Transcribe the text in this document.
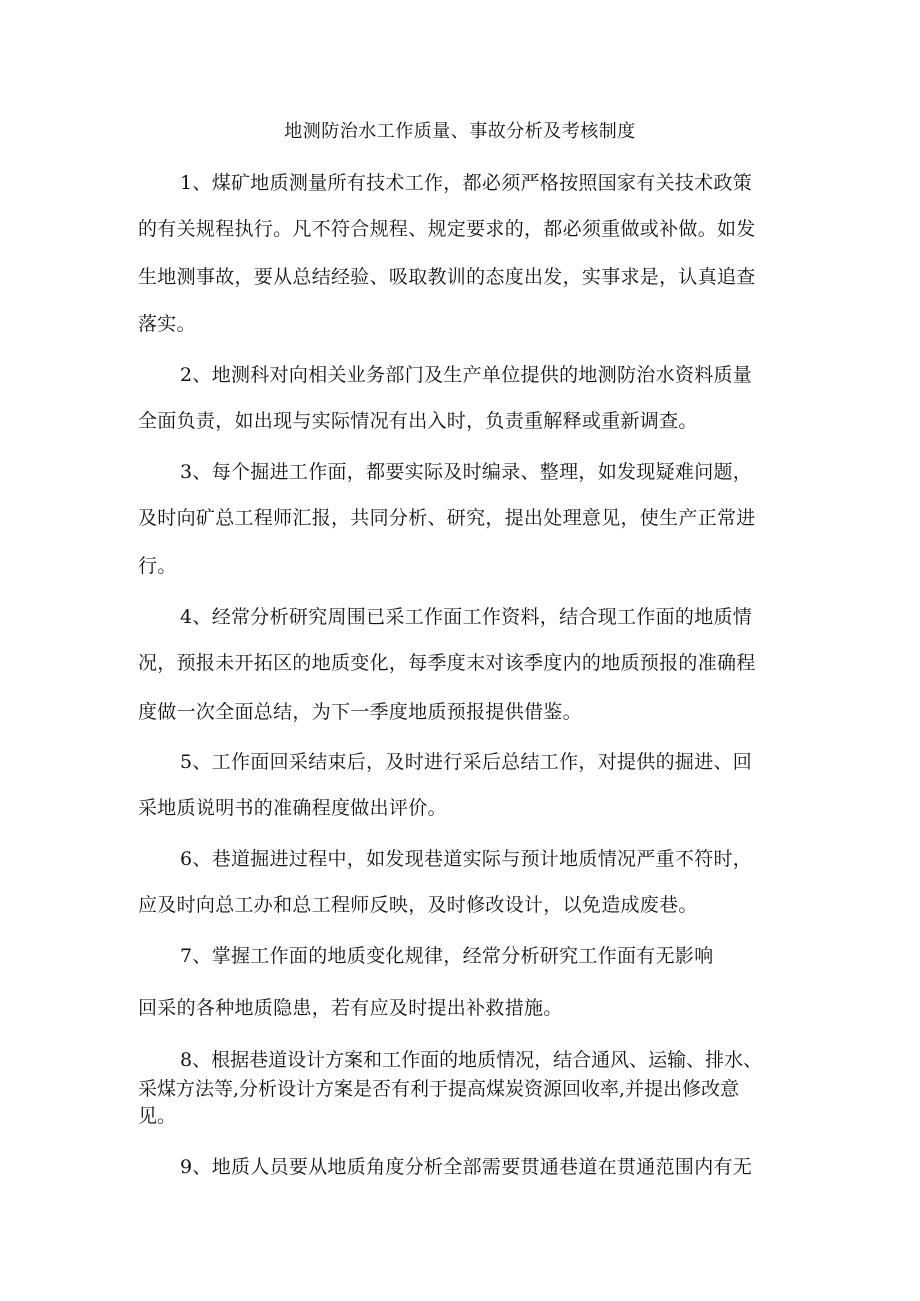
地测防治水工作质量、事故分析及考核制度
1、煤矿地质测量所有技术工作，都必须严格按照国家有关技术政策
的有关规程执行。凡不符合规程、规定要求的，都必须重做或补做。如发
生地测事故，要从总结经验、吸取教训的态度出发，实事求是，认真追查
落实。
2、地测科对向相关业务部门及生产单位提供的地测防治水资料质量
全面负责，如出现与实际情况有出入时，负责重解释或重新调查。
3、每个掘进工作面，都要实际及时编录、整理，如发现疑难问题，
及时向矿总工程师汇报，共同分析、研究，提出处理意见，使生产正常进
行。
4、经常分析研究周围已采工作面工作资料，结合现工作面的地质情
况，预报未开拓区的地质变化，每季度末对该季度内的地质预报的准确程
度做一次全面总结，为下一季度地质预报提供借鉴。
5、工作面回采结束后，及时进行采后总结工作，对提供的掘进、回
采地质说明书的准确程度做出评价。
6、巷道掘进过程中，如发现巷道实际与预计地质情况严重不符时，
应及时向总工办和总工程师反映，及时修改设计，以免造成废巷。
7、掌握工作面的地质变化规律，经常分析研究工作面有无影响
回采的各种地质隐患，若有应及时提出补救措施。
8、根据巷道设计方案和工作面的地质情况，结合通风、运输、排水、
采煤方法等,分析设计方案是否有利于提高煤炭资源回收率,并提出修改意
见。
9、地质人员要从地质角度分析全部需要贯通巷道在贯通范围内有无
